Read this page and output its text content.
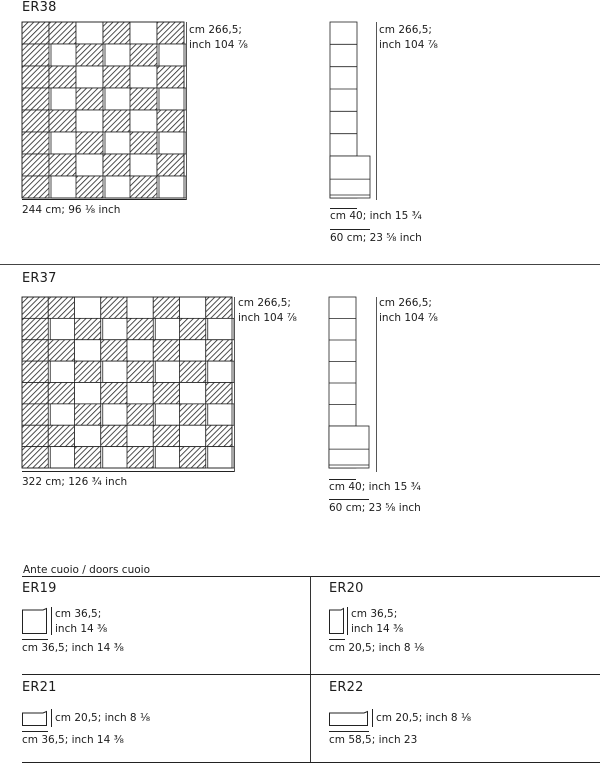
ER38
cm 266,5;
inch 104 ⁷⁄₈
244 cm; 96 ¹⁄₈ inch
cm 266,5;
inch 104 ⁷⁄₈
cm 40; inch 15 ³⁄₄
60 cm; 23 ⁵⁄₈ inch
ER37
cm 266,5;
inch 104 ⁷⁄₈
322 cm; 126 ³⁄₄ inch
cm 266,5;
inch 104 ⁷⁄₈
cm 40; inch 15 ³⁄₄
60 cm; 23 ⁵⁄₈ inch
Ante cuoio / doors cuoio
ER19
cm 36,5;
inch 14 ³⁄₈
cm 36,5; inch 14 ³⁄₈
ER20
cm 36,5;
inch 14 ³⁄₈
cm 20,5; inch 8 ¹⁄₈
ER21
cm 20,5; inch 8 ¹⁄₈
cm 36,5; inch 14 ³⁄₈
ER22
cm 20,5; inch 8 ¹⁄₈
cm 58,5; inch 23
